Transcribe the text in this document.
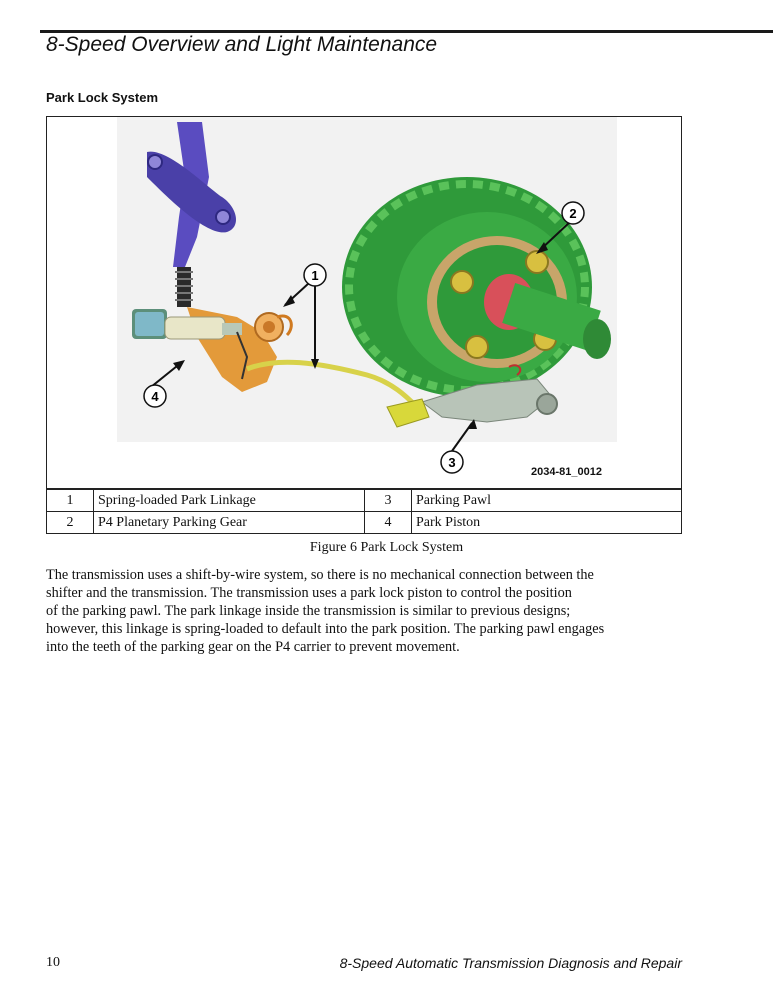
8-Speed Overview and Light Maintenance
Park Lock System
1
2
3
4
2034-81_0012
1	Spring-loaded Park Linkage	3	Parking Pawl
2	P4 Planetary Parking Gear	4	Park Piston
Figure 6 Park Lock System
The transmission uses a shift-by-wire system, so there is no mechanical connection between the
shifter and the transmission. The transmission uses a park lock piston to control the position
of the parking pawl. The park linkage inside the transmission is similar to previous designs;
however, this linkage is spring-loaded to default into the park position. The parking pawl engages
into the teeth of the parking gear on the P4 carrier to prevent movement.
10	8-Speed Automatic Transmission Diagnosis and Repair
